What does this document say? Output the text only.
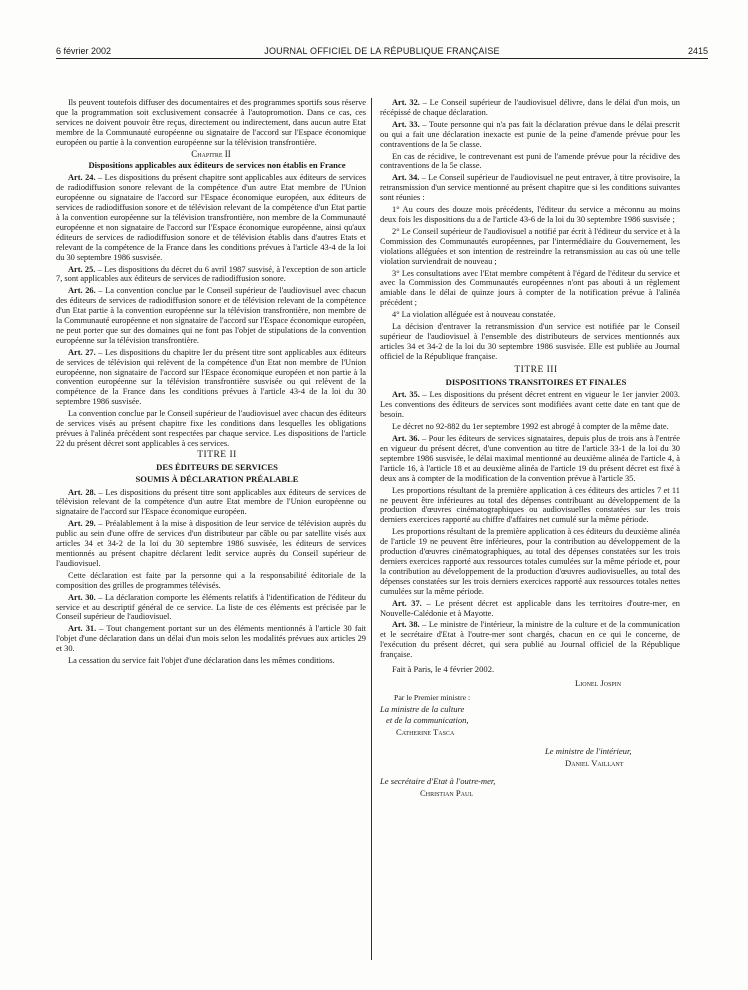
6 février 2002	JOURNAL OFFICIEL DE LA RÉPUBLIQUE FRANÇAISE	2415

Ils peuvent toutefois diffuser des documentaires et des programmes sportifs sous réserve que la programmation soit exclusivement consacrée à l'autopromotion. Dans ce cas, ces services ne doivent pouvoir être reçus, directement ou indirectement, dans aucun autre Etat membre de la Communauté européenne ou signataire de l'accord sur l'Espace économique européen ou partie à la convention européenne sur la télévision transfrontière.

Chapitre II

Dispositions applicables aux éditeurs de services non établis en France

Art. 24. – Les dispositions du présent chapitre sont applicables aux éditeurs de services de radiodiffusion sonore relevant de la compétence d'un autre Etat membre de l'Union européenne ou signataire de l'accord sur l'Espace économique européen, aux éditeurs de services de radiodiffusion sonore et de télévision relevant de la compétence d'un Etat partie à la convention européenne sur la télévision transfrontière, non membre de la Communauté européenne et non signataire de l'accord sur l'Espace économique européenne, ainsi qu'aux éditeurs de services de radiodiffusion sonore et de télévision établis dans d'autres Etats et relevant de la compétence de la France dans les conditions prévues à l'article 43-4 de la loi du 30 septembre 1986 susvisée.

Art. 25. – Les dispositions du décret du 6 avril 1987 susvisé, à l'exception de son article 7, sont applicables aux éditeurs de services de radiodiffusion sonore.

Art. 26. – La convention conclue par le Conseil supérieur de l'audiovisuel avec chacun des éditeurs de services de radiodiffusion sonore et de télévision relevant de la compétence d'un Etat partie à la convention européenne sur la télévision transfrontière, non membre de la Communauté européenne et non signataire de l'accord sur l'Espace économique européen, ne peut porter que sur des domaines qui ne font pas l'objet de stipulations de la convention européenne sur la télévision transfrontière.

Art. 27. – Les dispositions du chapitre Ier du présent titre sont applicables aux éditeurs de services de télévision qui relèvent de la compétence d'un Etat non membre de l'Union européenne, non signataire de l'accord sur l'Espace économique européen et non partie à la convention européenne sur la télévision transfrontière susvisée ou qui relèvent de la compétence de la France dans les conditions prévues à l'article 43-4 de la loi du 30 septembre 1986 susvisée.

La convention conclue par le Conseil supérieur de l'audiovisuel avec chacun des éditeurs de services visés au présent chapitre fixe les conditions dans lesquelles les obligations prévues à l'alinéa précédent sont respectées par chaque service. Les dispositions de l'article 22 du présent décret sont applicables à ces services.

TITRE II

DES ÉDITEURS DE SERVICES

SOUMIS À DÉCLARATION PRÉALABLE

Art. 28. – Les dispositions du présent titre sont applicables aux éditeurs de services de télévision relevant de la compétence d'un autre Etat membre de l'Union européenne ou signataire de l'accord sur l'Espace économique européen.

Art. 29. – Préalablement à la mise à disposition de leur service de télévision auprès du public au sein d'une offre de services d'un distributeur par câble ou par satellite visés aux articles 34 et 34-2 de la loi du 30 septembre 1986 susvisée, les éditeurs de services mentionnés au présent chapitre déclarent ledit service auprès du Conseil supérieur de l'audiovisuel.

Cette déclaration est faite par la personne qui a la responsabilité éditoriale de la composition des grilles de programmes télévisés.

Art. 30. – La déclaration comporte les éléments relatifs à l'identification de l'éditeur du service et au descriptif général de ce service. La liste de ces éléments est précisée par le Conseil supérieur de l'audiovisuel.

Art. 31. – Tout changement portant sur un des éléments mentionnés à l'article 30 fait l'objet d'une déclaration dans un délai d'un mois selon les modalités prévues aux articles 29 et 30.

La cessation du service fait l'objet d'une déclaration dans les mêmes conditions.

Art. 32. – Le Conseil supérieur de l'audiovisuel délivre, dans le délai d'un mois, un récépissé de chaque déclaration.

Art. 33. – Toute personne qui n'a pas fait la déclaration prévue dans le délai prescrit ou qui a fait une déclaration inexacte est punie de la peine d'amende prévue pour les contraventions de la 5e classe.

En cas de récidive, le contrevenant est puni de l'amende prévue pour la récidive des contraventions de la 5e classe.

Art. 34. – Le Conseil supérieur de l'audiovisuel ne peut entraver, à titre provisoire, la retransmission d'un service mentionné au présent chapitre que si les conditions suivantes sont réunies :

1° Au cours des douze mois précédents, l'éditeur du service a méconnu au moins deux fois les dispositions du a de l'article 43-6 de la loi du 30 septembre 1986 susvisée ;

2° Le Conseil supérieur de l'audiovisuel a notifié par écrit à l'éditeur du service et à la Commission des Communautés européennes, par l'intermédiaire du Gouvernement, les violations alléguées et son intention de restreindre la retransmission au cas où une telle violation surviendrait de nouveau ;

3° Les consultations avec l'Etat membre compétent à l'égard de l'éditeur du service et avec la Commission des Communautés européennes n'ont pas abouti à un règlement amiable dans le délai de quinze jours à compter de la notification prévue à l'alinéa précédent ;

4° La violation alléguée est à nouveau constatée.

La décision d'entraver la retransmission d'un service est notifiée par le Conseil supérieur de l'audiovisuel à l'ensemble des distributeurs de services mentionnés aux articles 34 et 34-2 de la loi du 30 septembre 1986 susvisée. Elle est publiée au Journal officiel de la République française.

TITRE III

DISPOSITIONS TRANSITOIRES ET FINALES

Art. 35. – Les dispositions du présent décret entrent en vigueur le 1er janvier 2003. Les conventions des éditeurs de services sont modifiées avant cette date en tant que de besoin.

Le décret no 92-882 du 1er septembre 1992 est abrogé à compter de la même date.

Art. 36. – Pour les éditeurs de services signataires, depuis plus de trois ans à l'entrée en vigueur du présent décret, d'une convention au titre de l'article 33-1 de la loi du 30 septembre 1986 susvisée, le délai maximal mentionné au deuxième alinéa de l'article 4, à l'article 16, à l'article 18 et au deuxième alinéa de l'article 19 du présent décret est fixé à deux ans à compter de la modification de la convention prévue à l'article 35.

Les proportions résultant de la première application à ces éditeurs des articles 7 et 11 ne peuvent être inférieures au total des dépenses contribuant au développement de la production d'œuvres cinématographiques ou audiovisuelles constatées sur les trois derniers exercices rapporté au chiffre d'affaires net cumulé sur la même période.

Les proportions résultant de la première application à ces éditeurs du deuxième alinéa de l'article 19 ne peuvent être inférieures, pour la contribution au développement de la production d'œuvres cinématographiques, au total des dépenses constatées sur les trois derniers exercices rapporté aux ressources totales cumulées sur la même période et, pour la contribution au développement de la production d'œuvres audiovisuelles, au total des dépenses constatées sur les trois derniers exercices rapporté aux ressources totales nettes cumulées sur la même période.

Art. 37. – Le présent décret est applicable dans les territoires d'outre-mer, en Nouvelle-Calédonie et à Mayotte.

Art. 38. – Le ministre de l'intérieur, la ministre de la culture et de la communication et le secrétaire d'Etat à l'outre-mer sont chargés, chacun en ce qui le concerne, de l'exécution du présent décret, qui sera publié au Journal officiel de la République française.

Fait à Paris, le 4 février 2002.
Lionel Jospin
Par le Premier ministre :
La ministre de la culture
et de la communication,
Catherine Tasca
Le ministre de l'intérieur,
Daniel Vaillant
Le secrétaire d'Etat à l'outre-mer,
Christian Paul
